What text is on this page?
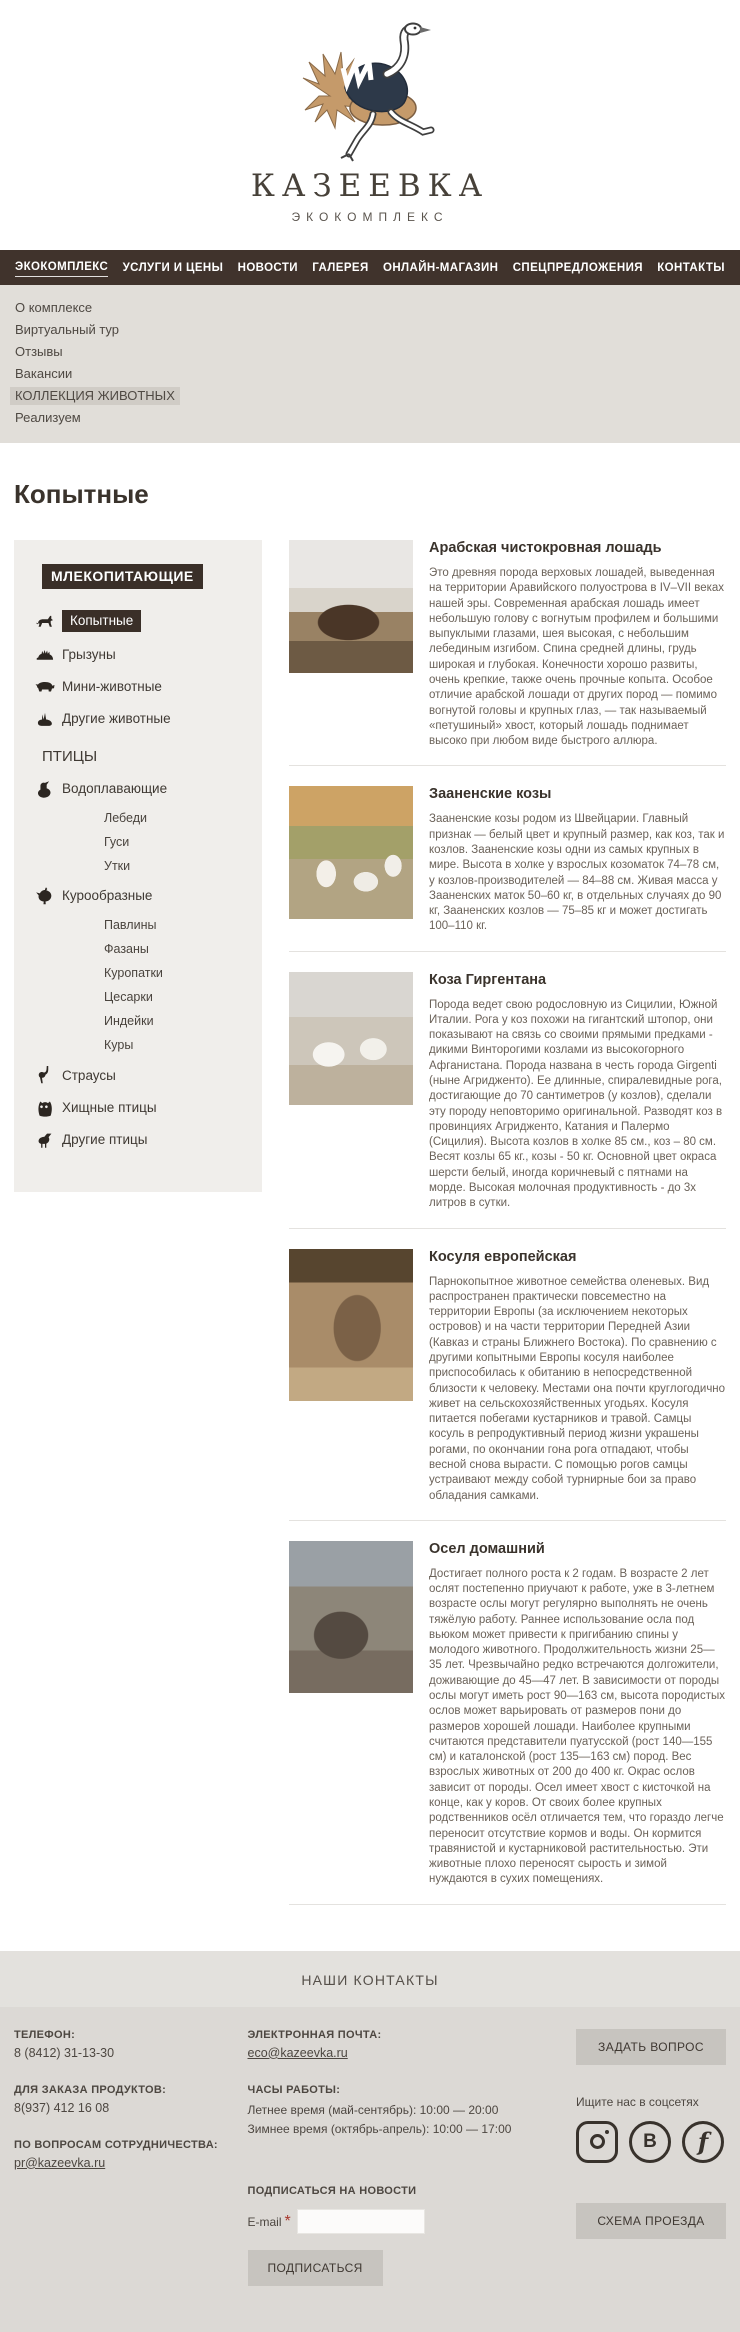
КАЗЕЕВКА
ЭКОКОМПЛЕКС
ЭКОКОМПЛЕКС УСЛУГИ И ЦЕНЫ НОВОСТИ ГАЛЕРЕЯ ОНЛАЙН-МАГАЗИН СПЕЦПРЕДЛОЖЕНИЯ КОНТАКТЫ
О комплексе
Виртуальный тур
Отзывы
Вакансии
КОЛЛЕКЦИЯ ЖИВОТНЫХ
Реализуем
Копытные
МЛЕКОПИТАЮЩИЕ
Копытные
Грызуны
Мини-животные
Другие животные
ПТИЦЫ
Водоплавающие
Лебеди
Гуси
Утки
Курообразные
Павлины
Фазаны
Куропатки
Цесарки
Индейки
Куры
Страусы
Хищные птицы
Другие птицы
Арабская чистокровная лошадь

Это древняя порода верховых лошадей, выведенная на территории Аравийского полуострова в IV–VII веках нашей эры. Современная арабская лошадь имеет небольшую голову с вогнутым профилем и большими выпуклыми глазами, шея высокая, с небольшим лебединым изгибом. Спина средней длины, грудь широкая и глубокая. Конечности хорошо развиты, очень крепкие, также очень прочные копыта. Особое отличие арабской лошади от других пород — помимо вогнутой головы и крупных глаз, — так называемый «петушиный» хвост, который лошадь поднимает высоко при любом виде быстрого аллюра.

Зааненские козы

Зааненские козы родом из Швейцарии. Главный признак — белый цвет и крупный размер, как коз, так и козлов. Зааненские козы одни из самых крупных в мире. Высота в холке у взрослых козоматок 74–78 см, у козлов-производителей — 84–88 см. Живая масса у Зааненских маток 50–60 кг, в отдельных случаях до 90 кг, Зааненских козлов — 75–85 кг и может достигать 100–110 кг.

Коза Гиргентана

Порода ведет свою родословную из Сицилии, Южной Италии. Рога у коз похожи на гигантский штопор, они показывают на связь со своими прямыми предками - дикими Винторогими козлами из высокогорного Афганистана. Порода названа в честь города Girgenti (ныне Агридженто). Ее длинные, спиралевидные рога, достигающие до 70 сантиметров (у козлов), сделали эту породу неповторимо оригинальной. Разводят коз в провинциях Агридженто, Катания и Палермо (Сицилия). Высота козлов в холке 85 см., коз – 80 см. Весят козлы 65 кг., козы - 50 кг. Основной цвет окраса шерсти белый, иногда коричневый с пятнами на морде. Высокая молочная продуктивность - до 3х литров в сутки.

Косуля европейская

Парнокопытное животное семейства оленевых. Вид распространен практически повсеместно на территории Европы (за исключением некоторых островов) и на части территории Передней Азии (Кавказ и страны Ближнего Востока). По сравнению с другими копытными Европы косуля наиболее приспособилась к обитанию в непосредственной близости к человеку. Местами она почти круглогодично живет на сельскохозяйственных угодьях. Косуля питается побегами кустарников и травой. Самцы косуль в репродуктивный период жизни украшены рогами, по окончании гона рога отпадают, чтобы весной снова вырасти. С помощью рогов самцы устраивают между собой турнирные бои за право обладания самками.

Осел домашний

Достигает полного роста к 2 годам. В возрасте 2 лет ослят постепенно приучают к работе, уже в 3-летнем возрасте ослы могут регулярно выполнять не очень тяжёлую работу. Раннее использование осла под вьюком может привести к пригибанию спины у молодого животного. Продолжительность жизни 25—35 лет. Чрезвычайно редко встречаются долгожители, доживающие до 45—47 лет. В зависимости от породы ослы могут иметь рост 90—163 см, высота породистых ослов может варьировать от размеров пони до размеров хорошей лошади. Наиболее крупными считаются представители пуатусской (рост 140—155 см) и каталонской (рост 135—163 см) пород. Вес взрослых животных от 200 до 400 кг. Окрас ослов зависит от породы. Осел имеет хвост с кисточкой на конце, как у коров. От своих более крупных родственников осёл отличается тем, что гораздо легче переносит отсутствие кормов и воды. Он кормится травянистой и кустарниковой растительностью. Эти животные плохо переносят сырость и зимой нуждаются в сухих помещениях.

НАШИ КОНТАКТЫ
ТЕЛЕФОН:
8 (8412) 31-13-30
ДЛЯ ЗАКАЗА ПРОДУКТОВ:
8(937) 412 16 08
ПО ВОПРОСАМ СОТРУДНИЧЕСТВА:
pr@kazeevka.ru
ЭЛЕКТРОННАЯ ПОЧТА:
eco@kazeevka.ru
ЧАСЫ РАБОТЫ:
Летнее время (май-сентябрь): 10:00 — 20:00
Зимнее время (октябрь-апрель): 10:00 — 17:00
ПОДПИСАТЬСЯ НА НОВОСТИ
E-mail *
ПОДПИСАТЬСЯ
ЗАДАТЬ ВОПРОС
Ищите нас в соцсетях
В	f
СХЕМА ПРОЕЗДА
